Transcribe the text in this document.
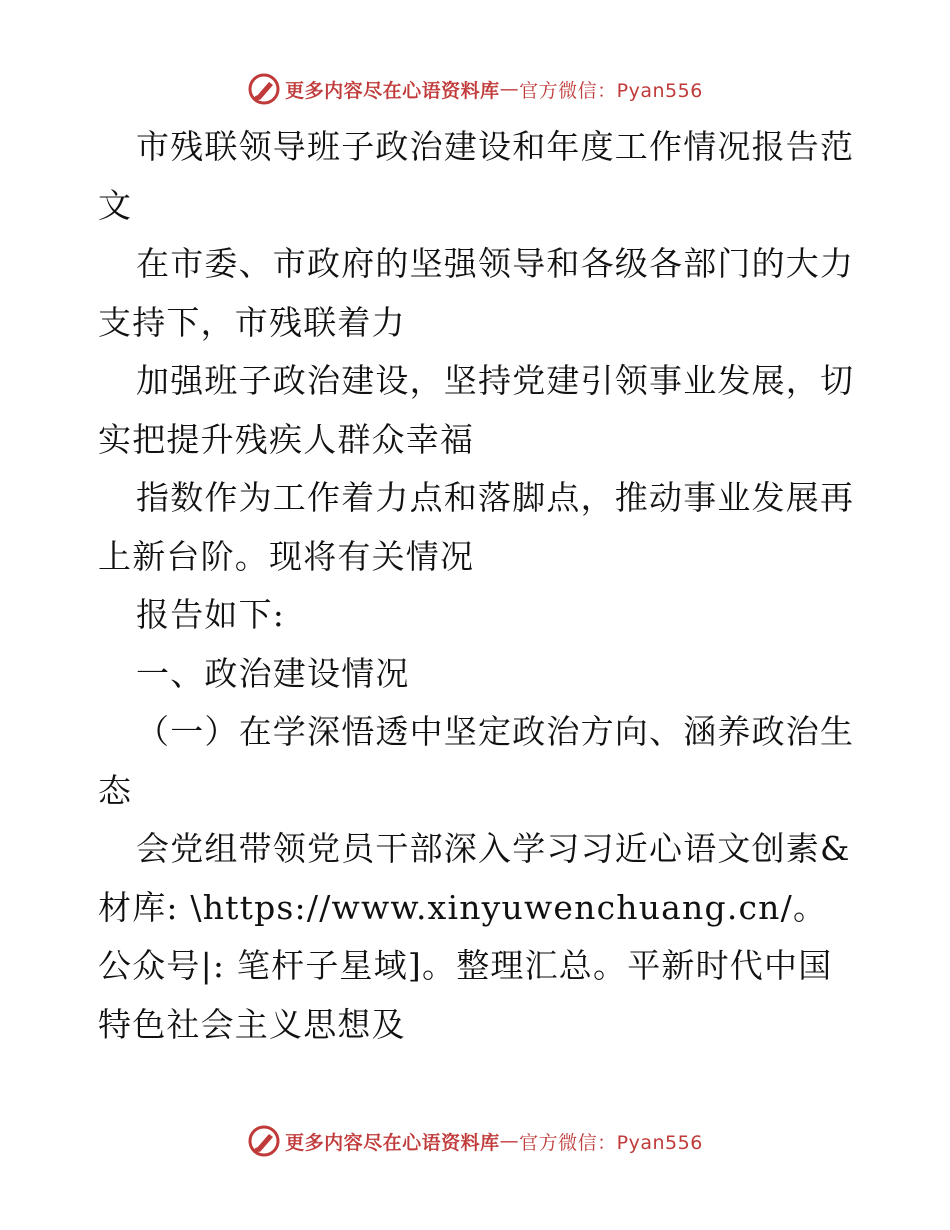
更多内容尽在心语资料库 — 官方微信：Pyan556

市残联领导班子政治建设和年度工作情况报告范文

在市委、市政府的坚强领导和各级各部门的大力支持下，市残联着力

加强班子政治建设，坚持党建引领事业发展，切实把提升残疾人群众幸福

指数作为工作着力点和落脚点，推动事业发展再上新台阶。现将有关情况

报告如下:

一、政治建设情况

（一）在学深悟透中坚定政治方向、涵养政治生态

会党组带领党员干部深入学习习近心语文创素&材库: \https://www.xinyuwenchuang.cn/。公众号|: 笔杆子星域]。整理汇总。平新时代中国特色社会主义思想及

更多内容尽在心语资料库 — 官方微信：Pyan556
